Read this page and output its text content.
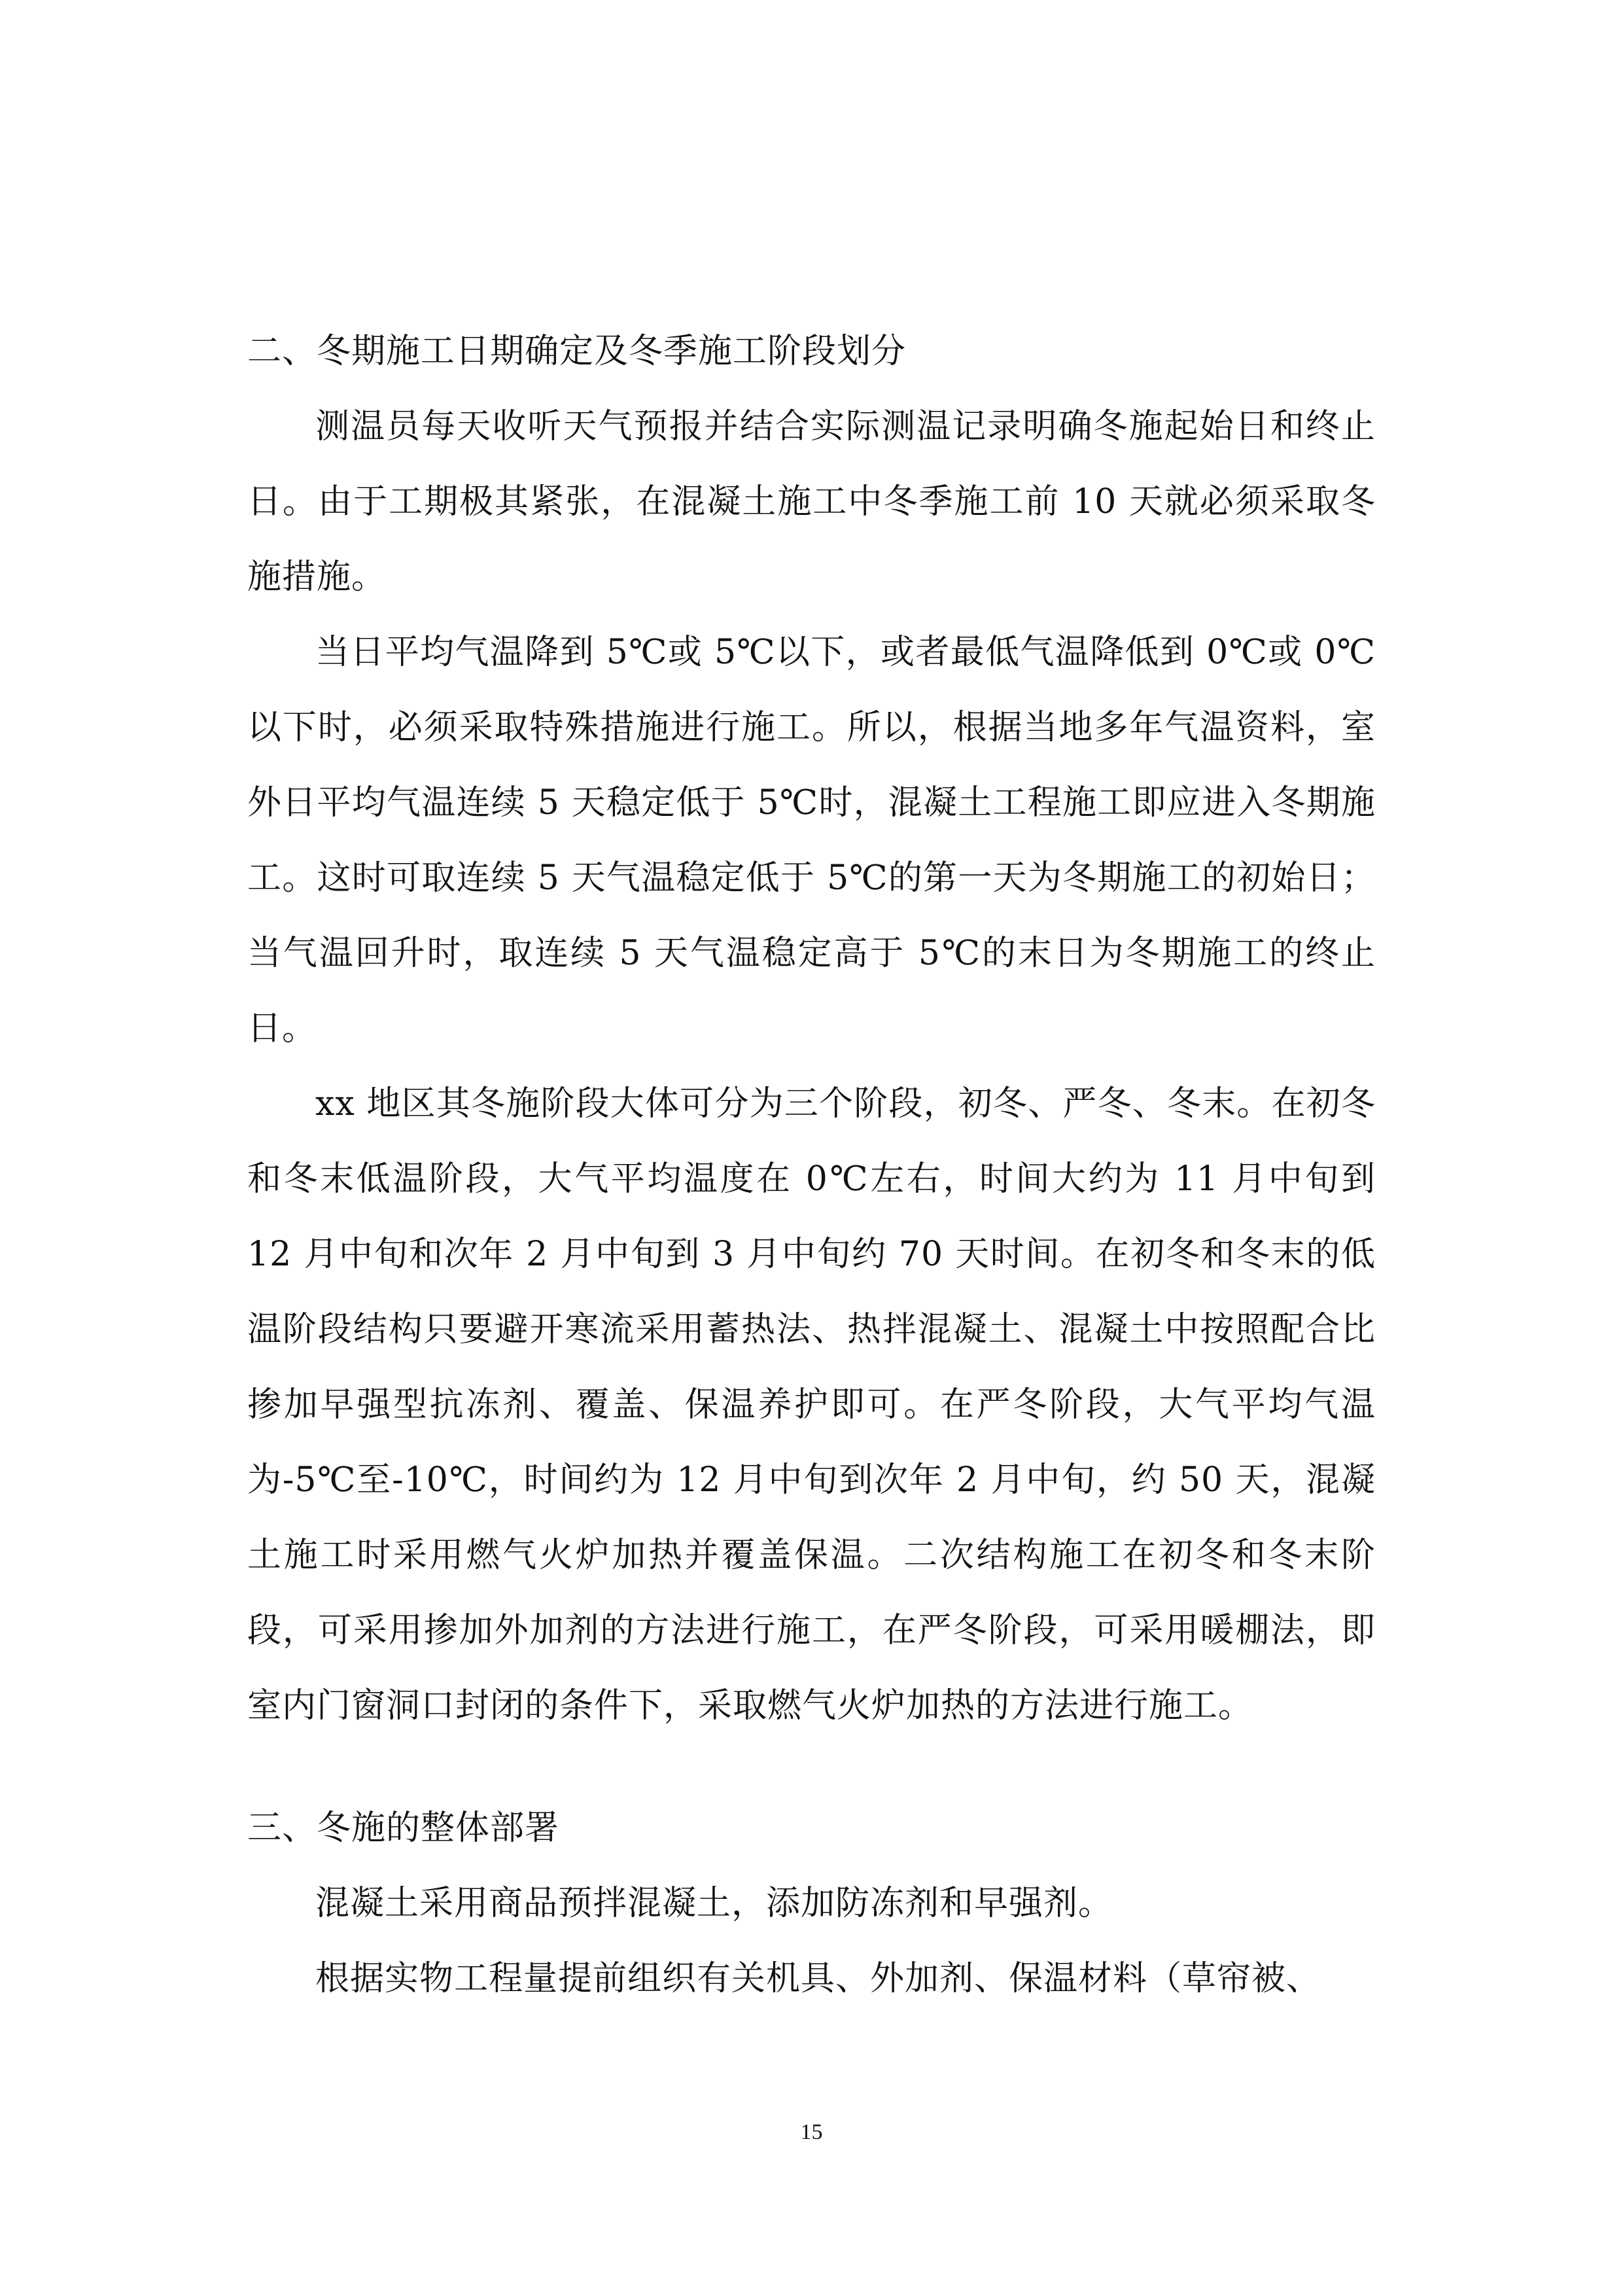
二、冬期施工日期确定及冬季施工阶段划分

测温员每天收听天气预报并结合实际测温记录明确冬施起始日和终止日。由于工期极其紧张，在混凝土施工中冬季施工前 10 天就必须采取冬施措施。

当日平均气温降到 5℃或 5℃以下，或者最低气温降低到 0℃或 0℃以下时，必须采取特殊措施进行施工。所以，根据当地多年气温资料，室外日平均气温连续 5 天稳定低于 5℃时，混凝土工程施工即应进入冬期施工。这时可取连续 5 天气温稳定低于 5℃的第一天为冬期施工的初始日；当气温回升时，取连续 5 天气温稳定高于 5℃的末日为冬期施工的终止日。

xx 地区其冬施阶段大体可分为三个阶段，初冬、严冬、冬末。在初冬和冬末低温阶段，大气平均温度在 0℃左右，时间大约为 11 月中旬到 12 月中旬和次年 2 月中旬到 3 月中旬约 70 天时间。在初冬和冬末的低温阶段结构只要避开寒流采用蓄热法、热拌混凝土、混凝土中按照配合比掺加早强型抗冻剂、覆盖、保温养护即可。在严冬阶段，大气平均气温为-5℃至-10℃，时间约为 12 月中旬到次年 2 月中旬，约 50 天，混凝土施工时采用燃气火炉加热并覆盖保温。二次结构施工在初冬和冬末阶段，可采用掺加外加剂的方法进行施工，在严冬阶段，可采用暖棚法，即室内门窗洞口封闭的条件下，采取燃气火炉加热的方法进行施工。

三、冬施的整体部署

混凝土采用商品预拌混凝土，添加防冻剂和早强剂。

根据实物工程量提前组织有关机具、外加剂、保温材料（草帘被、

15
